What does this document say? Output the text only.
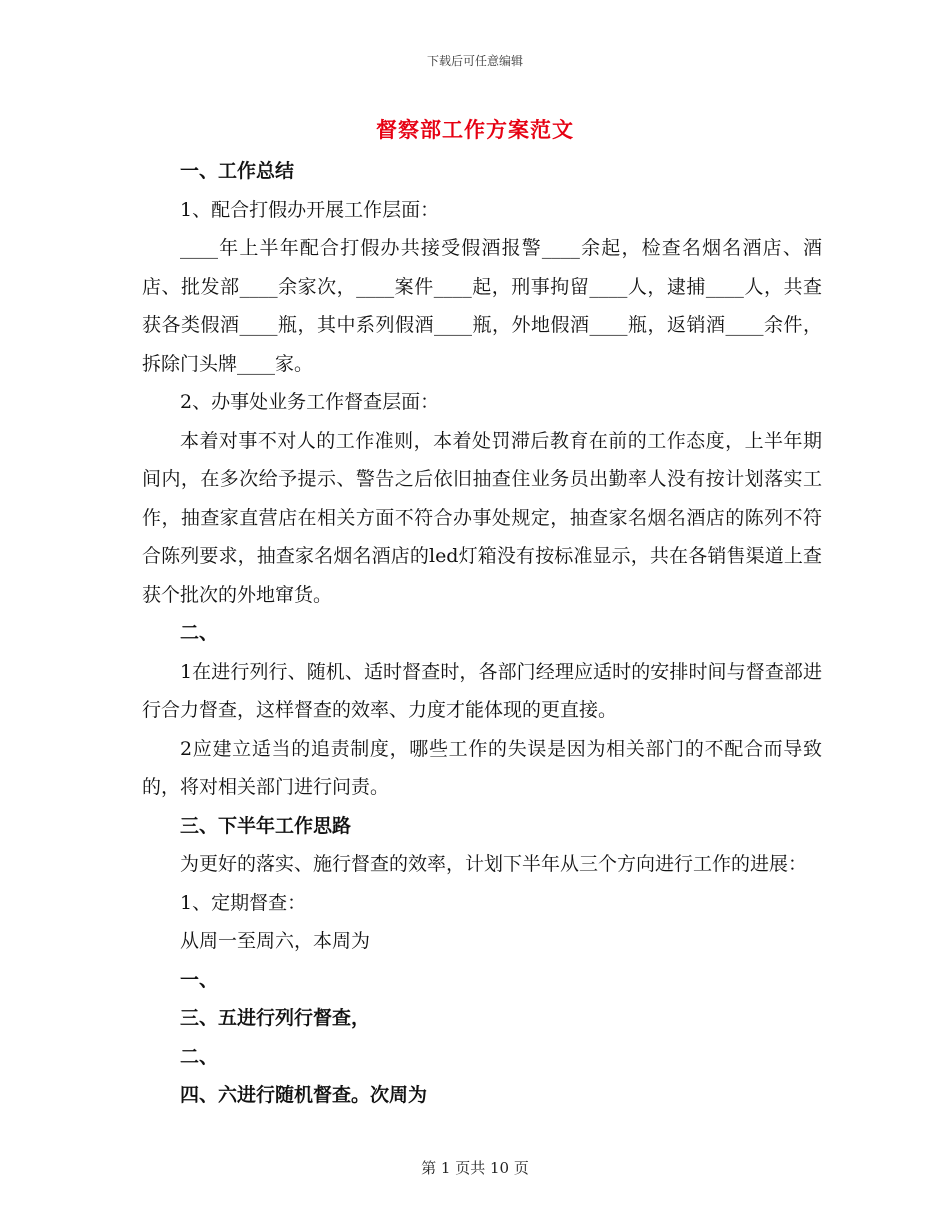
下载后可任意编辑
督察部工作方案范文

一、工作总结

1、配合打假办开展工作层面：

____年上半年配合打假办共接受假酒报警____余起，检查名烟名酒店、酒店、批发部____余家次，____案件____起，刑事拘留____人，逮捕____人，共查获各类假酒____瓶，其中系列假酒____瓶，外地假酒____瓶，返销酒____余件，拆除门头牌____家。

2、办事处业务工作督查层面：

本着对事不对人的工作准则，本着处罚滞后教育在前的工作态度，上半年期间内，在多次给予提示、警告之后依旧抽查住业务员出勤率人没有按计划落实工作，抽查家直营店在相关方面不符合办事处规定，抽查家名烟名酒店的陈列不符合陈列要求，抽查家名烟名酒店的led灯箱没有按标准显示，共在各销售渠道上查获个批次的外地窜货。

二、

1在进行列行、随机、适时督查时，各部门经理应适时的安排时间与督查部进行合力督查，这样督查的效率、力度才能体现的更直接。

2应建立适当的追责制度，哪些工作的失误是因为相关部门的不配合而导致的，将对相关部门进行问责。

三、下半年工作思路

为更好的落实、施行督查的效率，计划下半年从三个方向进行工作的进展：

1、定期督查：

从周一至周六，本周为

一、

三、五进行列行督查，

二、

四、六进行随机督查。次周为

第 1 页共 10 页
